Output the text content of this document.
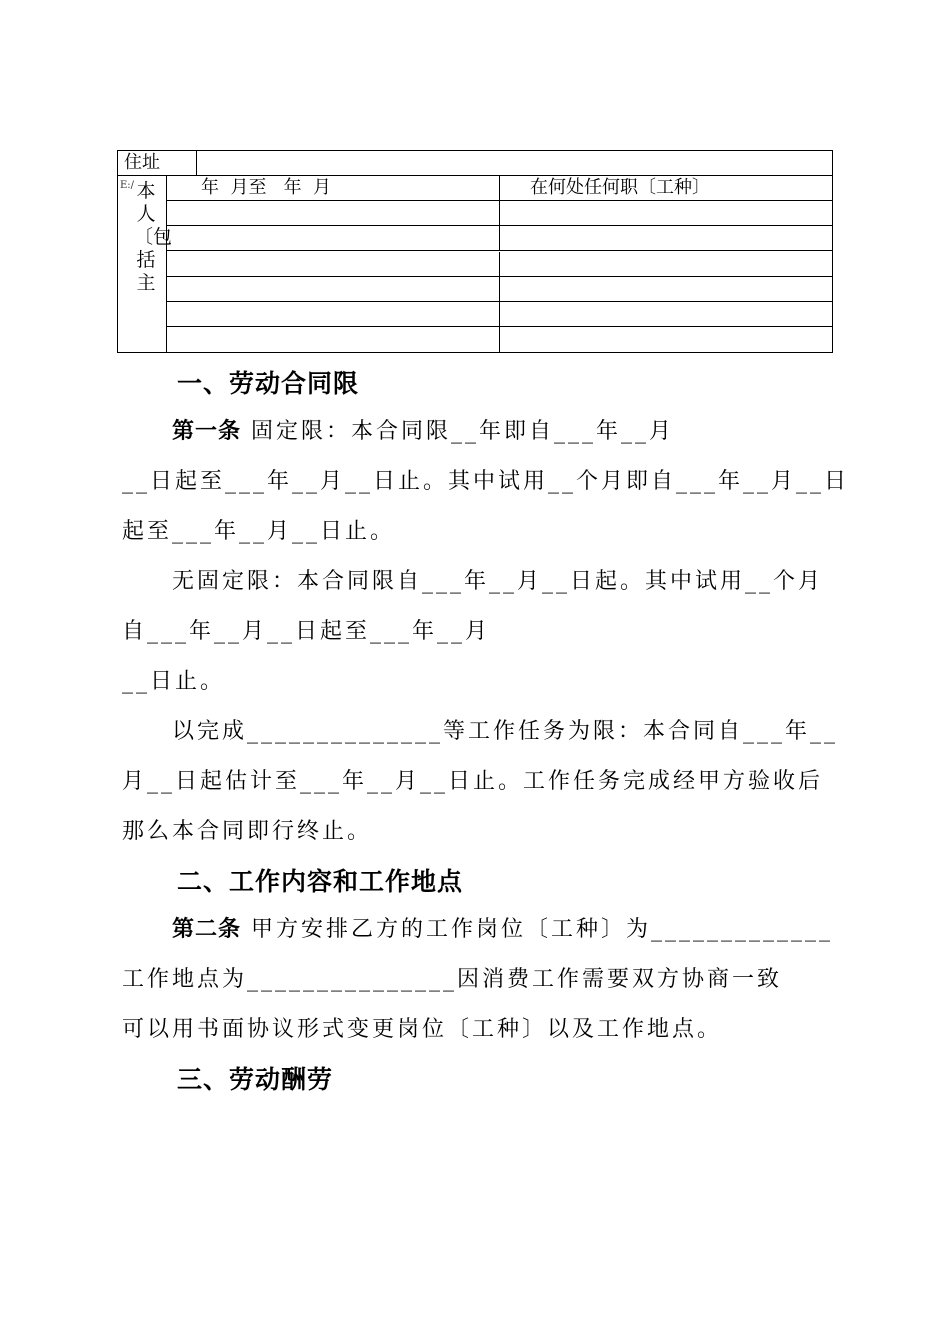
住址
E:/ 本人〔包括主
年  月至   年  月	在何处任何职〔工种〕
一、劳动合同限
第一条 固定限：本合同限__年即自___年__月
__日起至___年__月__日止。其中试用__个月即自___年__月__日
起至___年__月__日止。
无固定限：本合同限自___年__月__日起。其中试用__个月
自___年__月__日起至___年__月
__日止。
以完成______________等工作任务为限：本合同自___年__
月__日起估计至___年__月__日止。工作任务完成经甲方验收后
那么本合同即行终止。
二、工作内容和工作地点
第二条 甲方安排乙方的工作岗位〔工种〕为_____________
工作地点为_______________因消费工作需要双方协商一致
可以用书面协议形式变更岗位〔工种〕以及工作地点。
三、劳动酬劳
